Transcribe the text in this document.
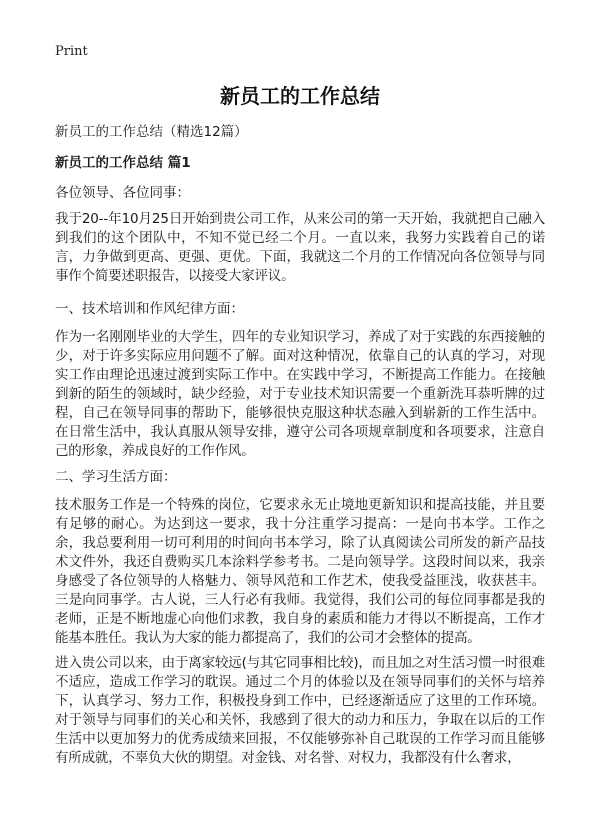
Print
新员工的工作总结
新员工的工作总结（精选12篇）
新员工的工作总结 篇1
各位领导、各位同事：
我于20--年10月25日开始到贵公司工作，从来公司的第一天开始，我就把自己融入到我们的这个团队中，不知不觉已经二个月。一直以来，我努力实践着自己的诺言，力争做到更高、更强、更优。下面，我就这二个月的工作情况向各位领导与同事作个简要述职报告，以接受大家评议。
一、技术培训和作风纪律方面：
作为一名刚刚毕业的大学生，四年的专业知识学习，养成了对于实践的东西接触的少，对于许多实际应用问题不了解。面对这种情况，依靠自己的认真的学习，对现实工作由理论迅速过渡到实际工作中。在实践中学习，不断提高工作能力。在接触到新的陌生的领域时，缺少经验，对于专业技术知识需要一个重新洗耳恭听牌的过程，自己在领导同事的帮助下，能够很快克服这种状态融入到崭新的工作生活中。在日常生活中，我认真服从领导安排，遵守公司各项规章制度和各项要求，注意自己的形象，养成良好的工作作风。
二、学习生活方面：
技术服务工作是一个特殊的岗位，它要求永无止境地更新知识和提高技能，并且要有足够的耐心。为达到这一要求，我十分注重学习提高：一是向书本学。工作之余，我总要利用一切可利用的时间向书本学习，除了认真阅读公司所发的新产品技术文件外，我还自费购买几本涂料学参考书。二是向领导学。这段时间以来，我亲身感受了各位领导的人格魅力、领导风范和工作艺术，使我受益匪浅，收获甚丰。三是向同事学。古人说，三人行必有我师。我觉得，我们公司的每位同事都是我的老师，正是不断地虚心向他们求教，我自身的素质和能力才得以不断提高，工作才能基本胜任。我认为大家的能力都提高了，我们的公司才会整体的提高。
进入贵公司以来，由于离家较远(与其它同事相比较)，而且加之对生活习惯一时很难不适应，造成工作学习的耽误。通过二个月的体验以及在领导同事们的关怀与培养下，认真学习、努力工作，积极投身到工作中，已经逐渐适应了这里的工作环境。对于领导与同事们的关心和关怀，我感到了很大的动力和压力，争取在以后的工作生活中以更加努力的优秀成绩来回报，不仅能够弥补自己耽误的工作学习而且能够有所成就，不辜负大伙的期望。对金钱、对名誉、对权力，我都没有什么奢求，
